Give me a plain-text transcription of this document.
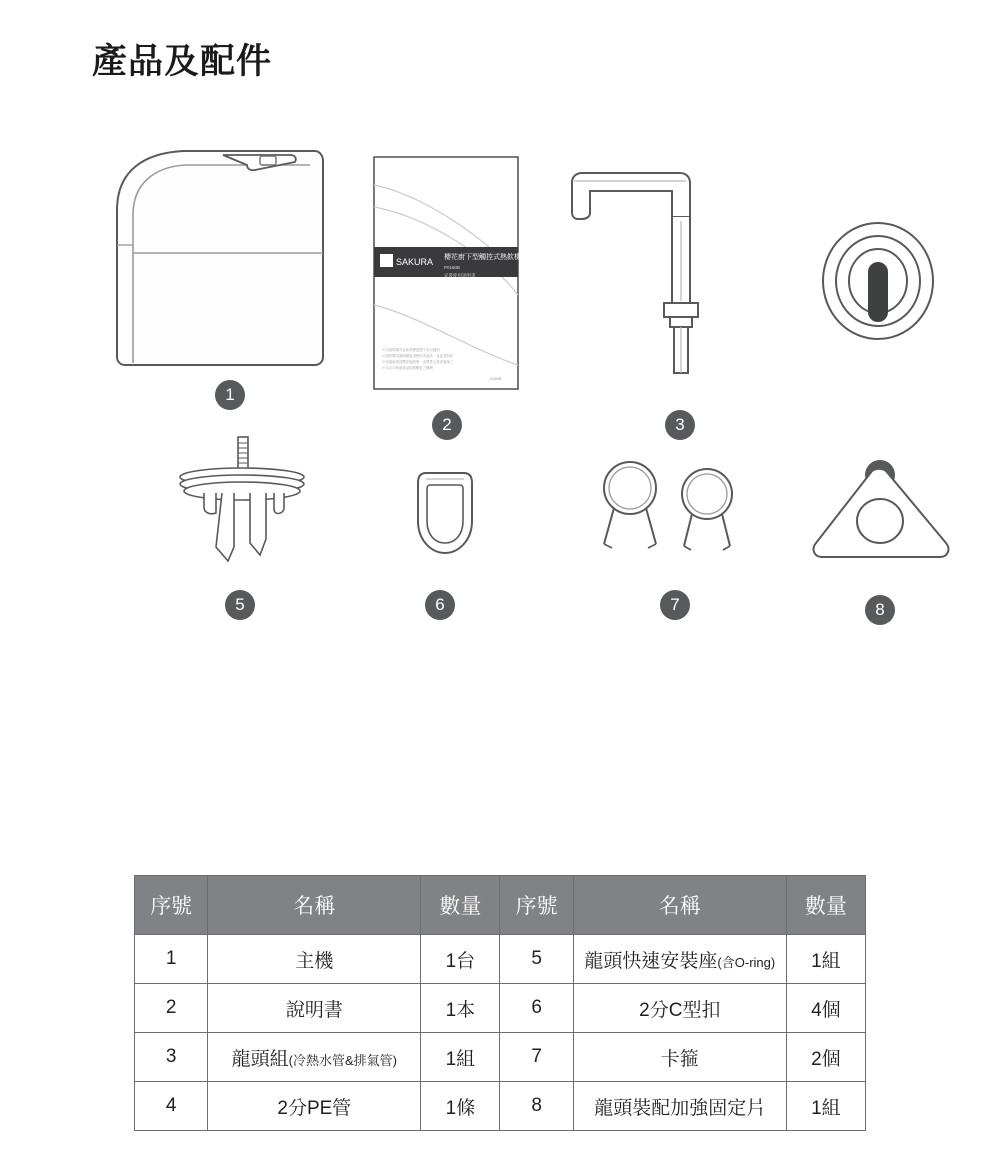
產品及配件
1
SAKURA 櫻花廚下型觸控式熱飲機
P0160B
安裝使用說明書
※本說明書內容如有變更恕不另行通知
※請詳閱本說明書後再使用本產品，並妥善保存
※安裝前請詳閱安裝說明，由專業人員安裝施工
※本公司保留產品規格變更之權利
0160B
2	3
5	6	7	8
序號	名稱	數量	序號	名稱	數量
1	主機	1台	5	龍頭快速安裝座(含O-ring)	1組
2	說明書	1本	6	2分C型扣	4個
3	龍頭組(冷熱水管&排氣管)	1組	7	卡箍	2個
4	2分PE管	1條	8	龍頭裝配加強固定片	1組
